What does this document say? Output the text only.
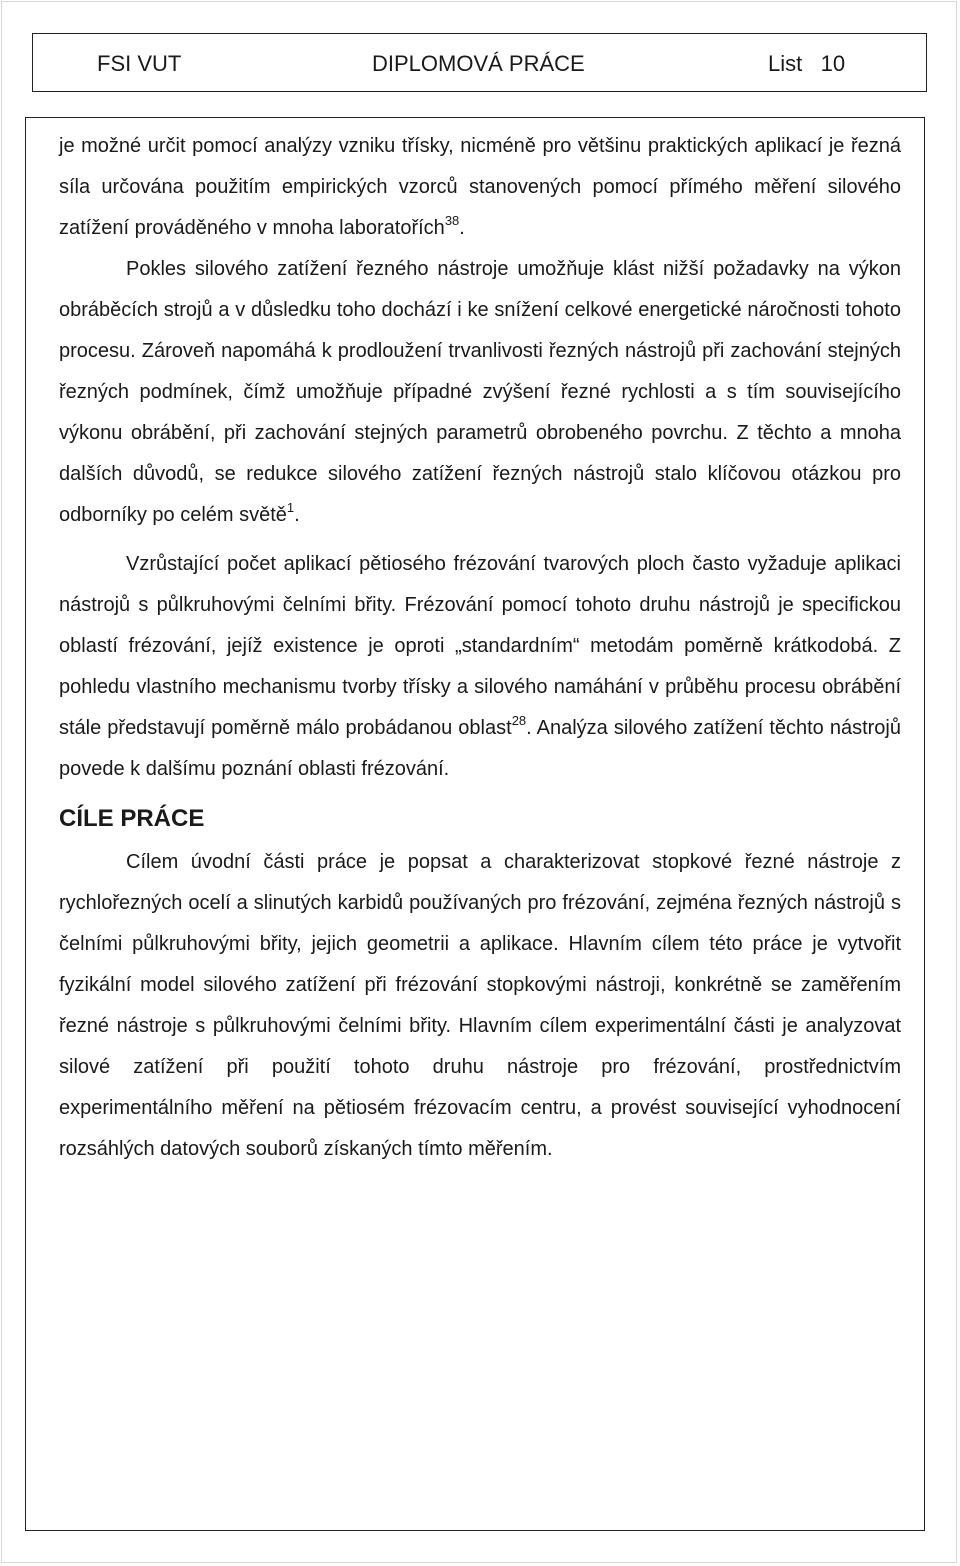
FSI VUT	DIPLOMOVÁ PRÁCE	List 10

je možné určit pomocí analýzy vzniku třísky, nicméně pro většinu praktických aplikací je řezná síla určována použitím empirických vzorců stanovených pomocí přímého měření silového zatížení prováděného v mnoha laboratořích$^{38}$.

Pokles silového zatížení řezného nástroje umožňuje klást nižší požadavky na výkon obráběcích strojů a v důsledku toho dochází i ke snížení celkové energetické náročnosti tohoto procesu. Zároveň napomáhá k prodloužení trvanlivosti řezných nástrojů při zachování stejných řezných podmínek, čímž umožňuje případné zvýšení řezné rychlosti a s tím souvisejícího výkonu obrábění, při zachování stejných parametrů obrobeného povrchu. Z těchto a mnoha dalších důvodů, se redukce silového zatížení řezných nástrojů stalo klíčovou otázkou pro odborníky po celém světě$^1$.

Vzrůstající počet aplikací pětiosého frézování tvarových ploch často vyžaduje aplikaci nástrojů s půlkruhovými čelními břity. Frézování pomocí tohoto druhu nástrojů je specifickou oblastí frézování, jejíž existence je oproti „standardním“ metodám poměrně krátkodobá. Z pohledu vlastního mechanismu tvorby třísky a silového namáhání v průběhu procesu obrábění stále představují poměrně málo probádanou oblast$^{28}$. Analýza silového zatížení těchto nástrojů povede k dalšímu poznání oblasti frézování.

CÍLE PRÁCE

Cílem úvodní části práce je popsat a charakterizovat stopkové řezné nástroje z rychlořezných ocelí a slinutých karbidů používaných pro frézování, zejména řezných nástrojů s čelními půlkruhovými břity, jejich geometrii a aplikace. Hlavním cílem této práce je vytvořit fyzikální model silového zatížení při frézování stopkovými nástroji, konkrétně se zaměřením řezné nástroje s půlkruhovými čelními břity. Hlavním cílem experimentální části je analyzovat silové zatížení při použití tohoto druhu nástroje pro frézování, prostřednictvím experimentálního měření na pětiosém frézovacím centru, a provést související vyhodnocení rozsáhlých datových souborů získaných tímto měřením.
